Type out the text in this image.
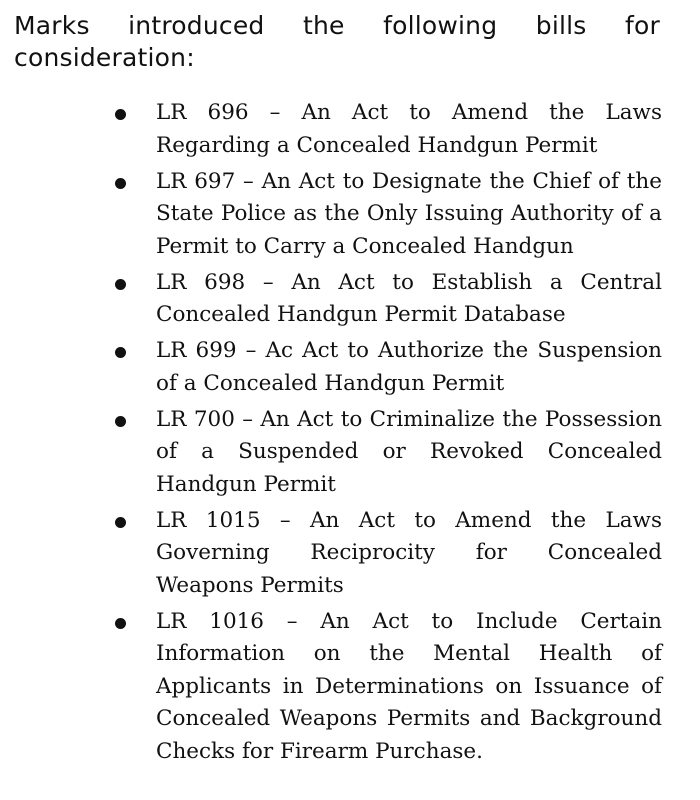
Marks introduced the following bills for consideration:

LR 696 – An Act to Amend the Laws Regarding a Concealed Handgun Permit
LR 697 – An Act to Designate the Chief of the State Police as the Only Issuing Authority of a Permit to Carry a Concealed Handgun
LR 698 – An Act to Establish a Central Concealed Handgun Permit Database
LR 699 – Ac Act to Authorize the Suspension of a Concealed Handgun Permit
LR 700 – An Act to Criminalize the Possession of a Suspended or Revoked Concealed Handgun Permit
LR 1015 – An Act to Amend the Laws Governing Reciprocity for Concealed Weapons Permits
LR 1016 – An Act to Include Certain Information on the Mental Health of Applicants in Determinations on Issuance of Concealed Weapons Permits and Background Checks for Firearm Purchase.
